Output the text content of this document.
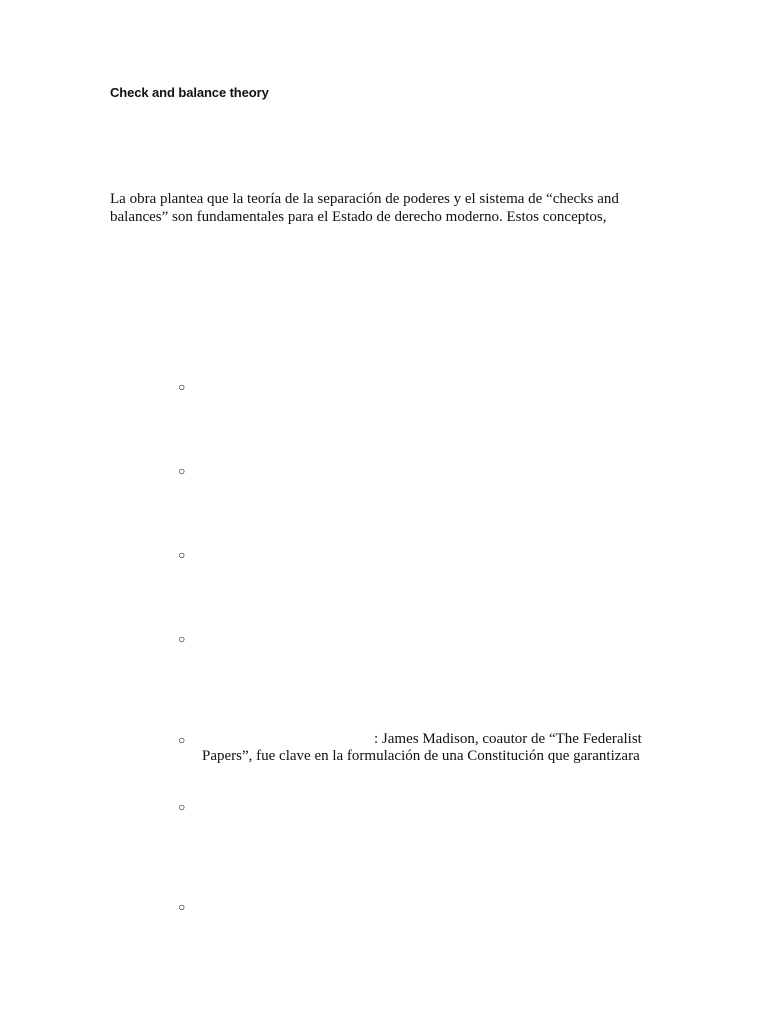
Check and balance theory
La obra plantea que la teoría de la separación de poderes y el sistema de “checks and
balances” son fundamentales para el Estado de derecho moderno. Estos conceptos,
○
○
○
○
○
○
○
: James Madison, coautor de “The Federalist
Papers”, fue clave en la formulación de una Constitución que garantizara
